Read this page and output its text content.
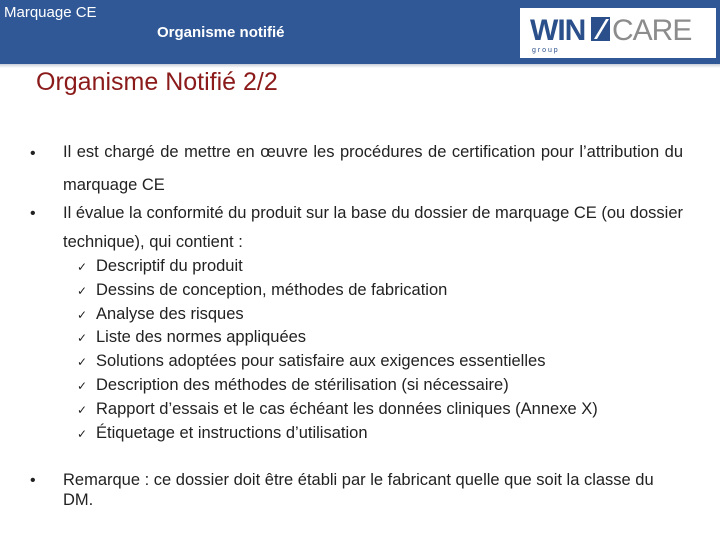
Marquage CE
Organisme notifié	WIN CARE
g r o u p
Organisme Notifié 2/2
• Il est chargé de mettre en œuvre les procédures de certification pour l’attribution du marquage CE
• Il évalue la conformité du produit sur la base du dossier de marquage CE (ou dossier technique), qui contient :
✓ Descriptif du produit
✓ Dessins de conception, méthodes de fabrication
✓ Analyse des risques
✓ Liste des normes appliquées
✓ Solutions adoptées pour satisfaire aux exigences essentielles
✓ Description des méthodes de stérilisation (si nécessaire)
✓ Rapport d’essais et le cas échéant les données cliniques (Annexe X)
✓ Étiquetage et instructions d’utilisation
• Remarque : ce dossier doit être établi par le fabricant quelle que soit la classe du DM.
